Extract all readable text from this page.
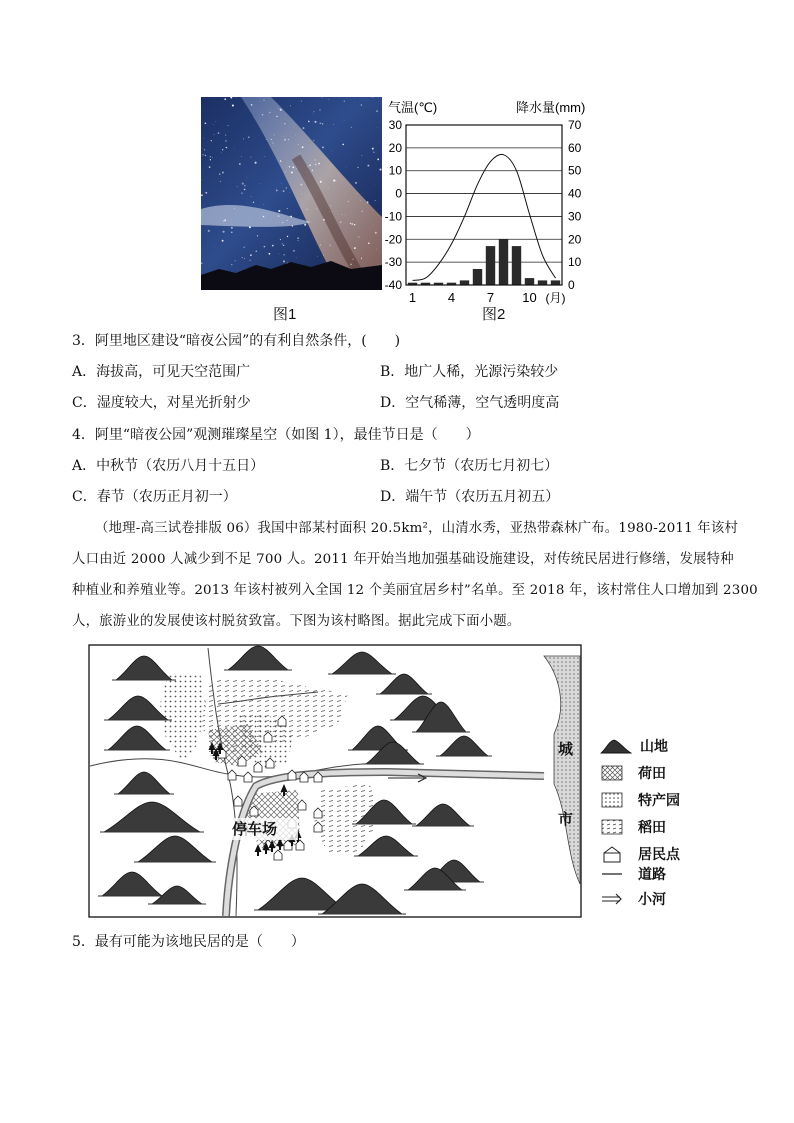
图1
气温(℃)	降水量(mm)
30
20
10
0
-10
-20
-30
-40
70
60
50
40
30
20
10
0
1 4 7 10 (月)
图2
3．阿里地区建设“暗夜公园”的有利自然条件，(　　)
A．海拔高，可见天空范围广	B．地广人稀，光源污染较少
C．湿度较大，对星光折射少	D．空气稀薄，空气透明度高
4．阿里“暗夜公园”观测璀璨星空（如图 1），最佳节日是（　　）
A．中秋节（农历八月十五日）	B．七夕节（农历七月初七）
C．春节（农历正月初一）	D．端午节（农历五月初五）
（地理-高三试卷排版 06）我国中部某村面积 20.5km²，山清水秀，亚热带森林广布。1980-2011 年该村
人口由近 2000 人减少到不足 700 人。2011 年开始当地加强基础设施建设，对传统民居进行修缮，发展特种
种植业和养殖业等。2013 年该村被列入全国 12 个美丽宜居乡村”名单。至 2018 年，该村常住人口增加到 2300
人，旅游业的发展使该村脱贫致富。下图为该村略图。据此完成下面小题。
停车场
城
市
山地
荷田
特产园
稻田
居民点
道路
小河
5．最有可能为该地民居的是（　　）
